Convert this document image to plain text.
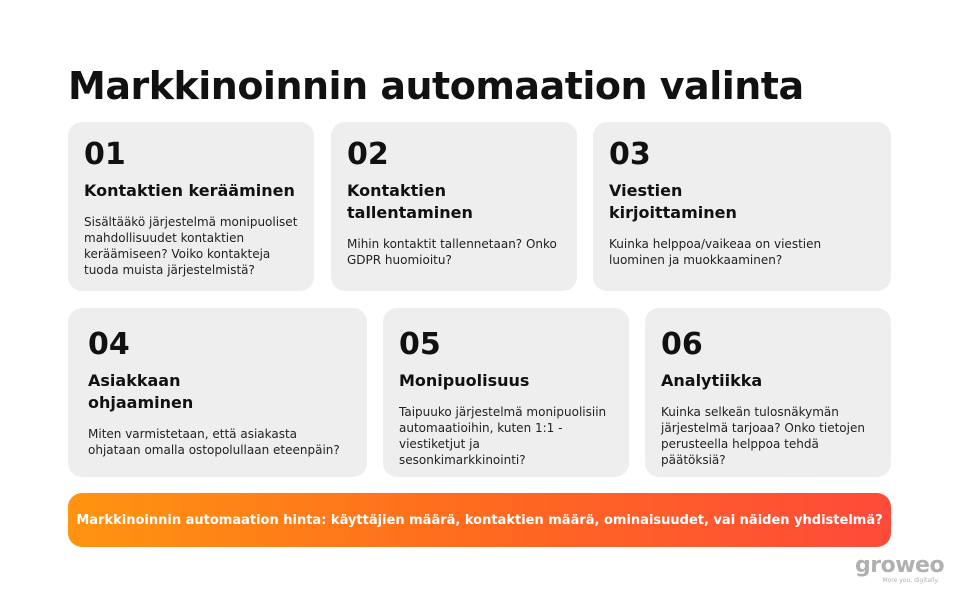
Markkinoinnin automaation valinta
01
Kontaktien kerääminen
Sisältääkö järjestelmä monipuoliset mahdollisuudet kontaktien keräämiseen? Voiko kontakteja tuoda muista järjestelmistä?
02
Kontaktien tallentaminen
Mihin kontaktit tallennetaan? Onko GDPR huomioitu?
03
Viestien kirjoittaminen
Kuinka helppoa/vaikeaa on viestien luominen ja muokkaaminen?
04
Asiakkaan ohjaaminen
Miten varmistetaan, että asiakasta ohjataan omalla ostopolullaan eteenpäin?
05
Monipuolisuus
Taipuuko järjestelmä monipuolisiin automaatioihin, kuten 1:1 -viestiketjut ja sesonkimarkkinointi?
06
Analytiikka
Kuinka selkeän tulosnäkymän järjestelmä tarjoaa? Onko tietojen perusteella helppoa tehdä päätöksiä?
Markkinoinnin automaation hinta: käyttäjien määrä, kontaktien määrä, ominaisuudet, vai näiden yhdistelmä?
groweo
More you, digitally.
